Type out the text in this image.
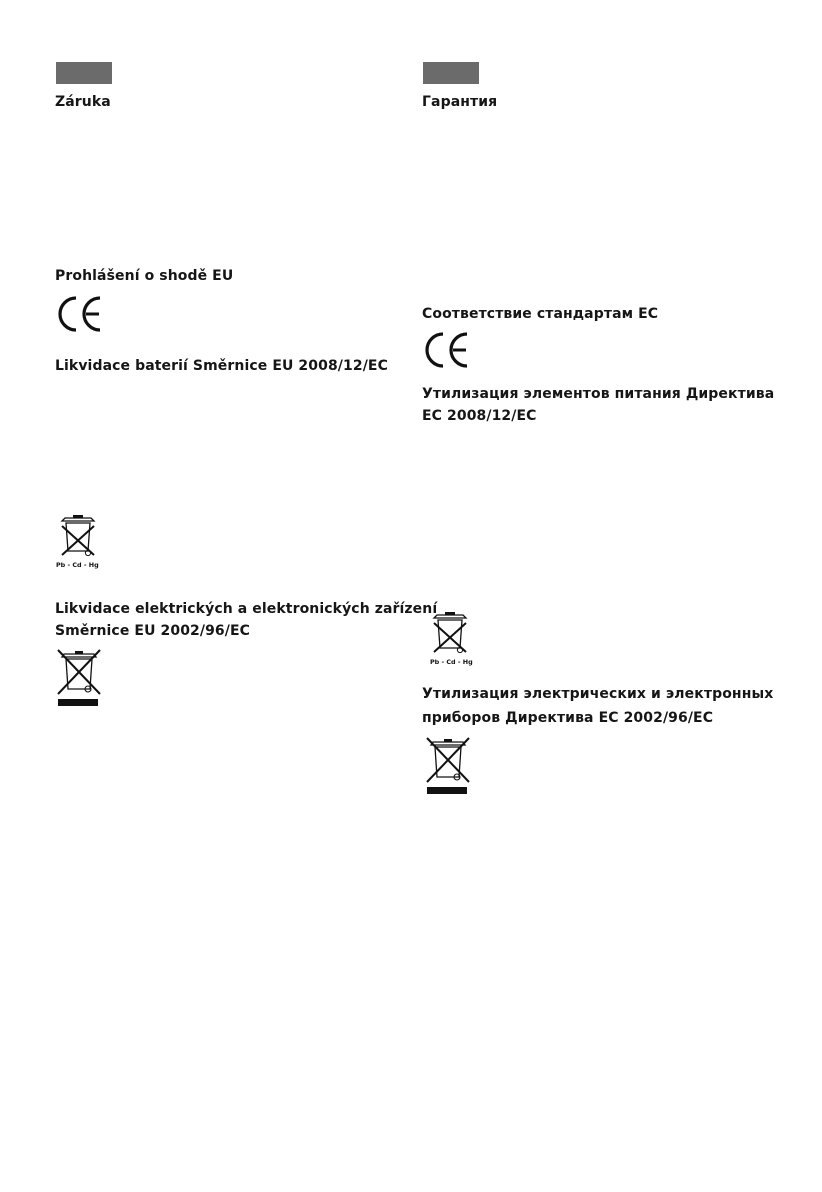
Záruka
Prohlášení o shodě EU
Likvidace baterií Směrnice EU 2008/12/EC
Pb - Cd - Hg
Likvidace elektrických a elektronických zařízení
Směrnice EU 2002/96/EC
Гарантия
Соответствие стандартам ЕС
Утилизация элементов питания Директива
ЕС 2008/12/EC
Pb - Cd - Hg
Утилизация электрических и электронных
приборов Директива ЕС 2002/96/EC
